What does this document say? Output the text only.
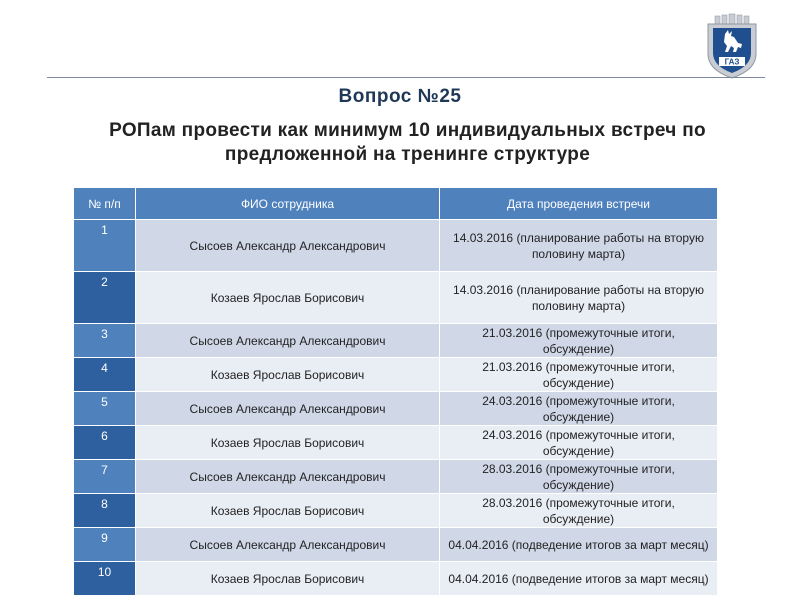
ГАЗ
Вопрос №25
РОПам провести как минимум 10 индивидуальных встреч по предложенной на тренинге структуре
№ п/п	ФИО сотрудника	Дата проведения встречи
1	Сысоев Александр Александрович	14.03.2016 (планирование работы на вторую половину марта)
2	Козаев Ярослав Борисович	14.03.2016 (планирование работы на вторую половину марта)
3	Сысоев Александр Александрович	21.03.2016 (промежуточные итоги, обсуждение)
4	Козаев Ярослав Борисович	21.03.2016 (промежуточные итоги, обсуждение)
5	Сысоев Александр Александрович	24.03.2016 (промежуточные итоги, обсуждение)
6	Козаев Ярослав Борисович	24.03.2016 (промежуточные итоги, обсуждение)
7	Сысоев Александр Александрович	28.03.2016 (промежуточные итоги, обсуждение)
8	Козаев Ярослав Борисович	28.03.2016 (промежуточные итоги, обсуждение)
9	Сысоев Александр Александрович	04.04.2016 (подведение итогов за март месяц)
10	Козаев Ярослав Борисович	04.04.2016 (подведение итогов за март месяц)
